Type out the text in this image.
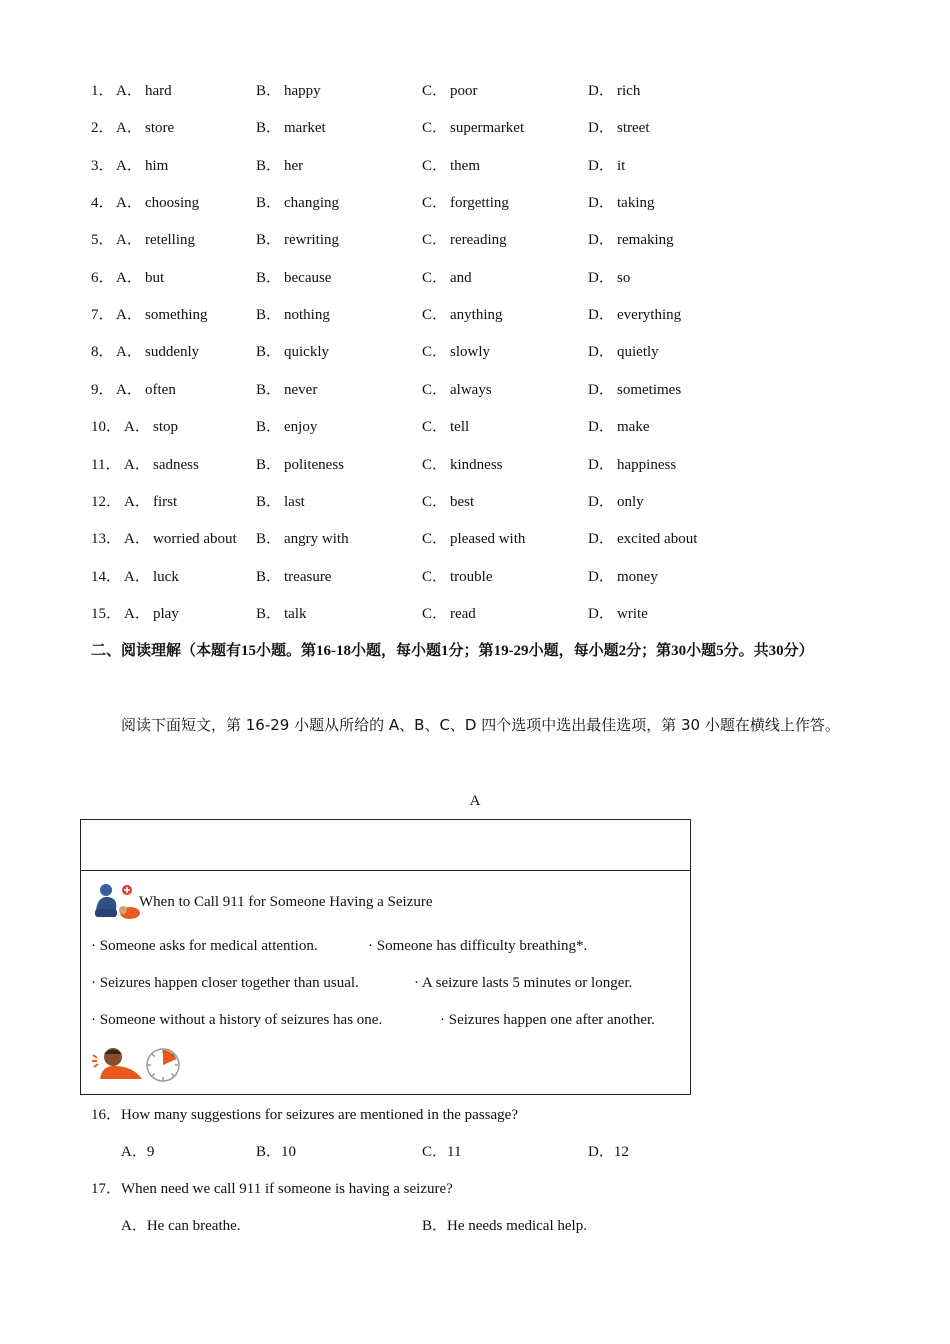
1． A． hard	B． happy	C． poor	D． rich
2． A． store	B． market	C． supermarket	D． street
3． A． him	B． her	C． them	D． it
4． A． choosing	B． changing	C． forgetting	D． taking
5． A． retelling	B． rewriting	C． rereading	D． remaking
6． A． but	B． because	C． and	D． so
7． A． something	B． nothing	C． anything	D． everything
8． A． suddenly	B． quickly	C． slowly	D． quietly
9． A． often	B． never	C． always	D． sometimes
10． A． stop	B． enjoy	C． tell	D． make
11． A． sadness	B． politeness	C． kindness	D． happiness
12． A． first	B． last	C． best	D． only
13． A． worried about B． angry with	C． pleased with	D． excited about
14． A． luck	B． treasure	C． trouble	D． money
15． A． play	B． talk	C． read	D． write
二、阅读理解（本题有15小题。第16-18小题，每小题1分；第19-29小题，每小题2分；第30小题5分。共30分）
阅读下面短文，第 16-29 小题从所给的 A、B、C、D 四个选项中选出最佳选项，第 30 小题在横线上作答。
A
When to Call 911 for Someone Having a Seizure
· Someone asks for medical attention.	· Someone has difficulty breathing*.
· Seizures happen closer together than usual.	· A seizure lasts 5 minutes or longer.
· Someone without a history of seizures has one.	· Seizures happen one after another.
16．How many suggestions for seizures are mentioned in the passage?
A．9	B．10	C．11	D．12
17．When need we call 911 if someone is having a seizure?
A．He can breathe.	B．He needs medical help.
